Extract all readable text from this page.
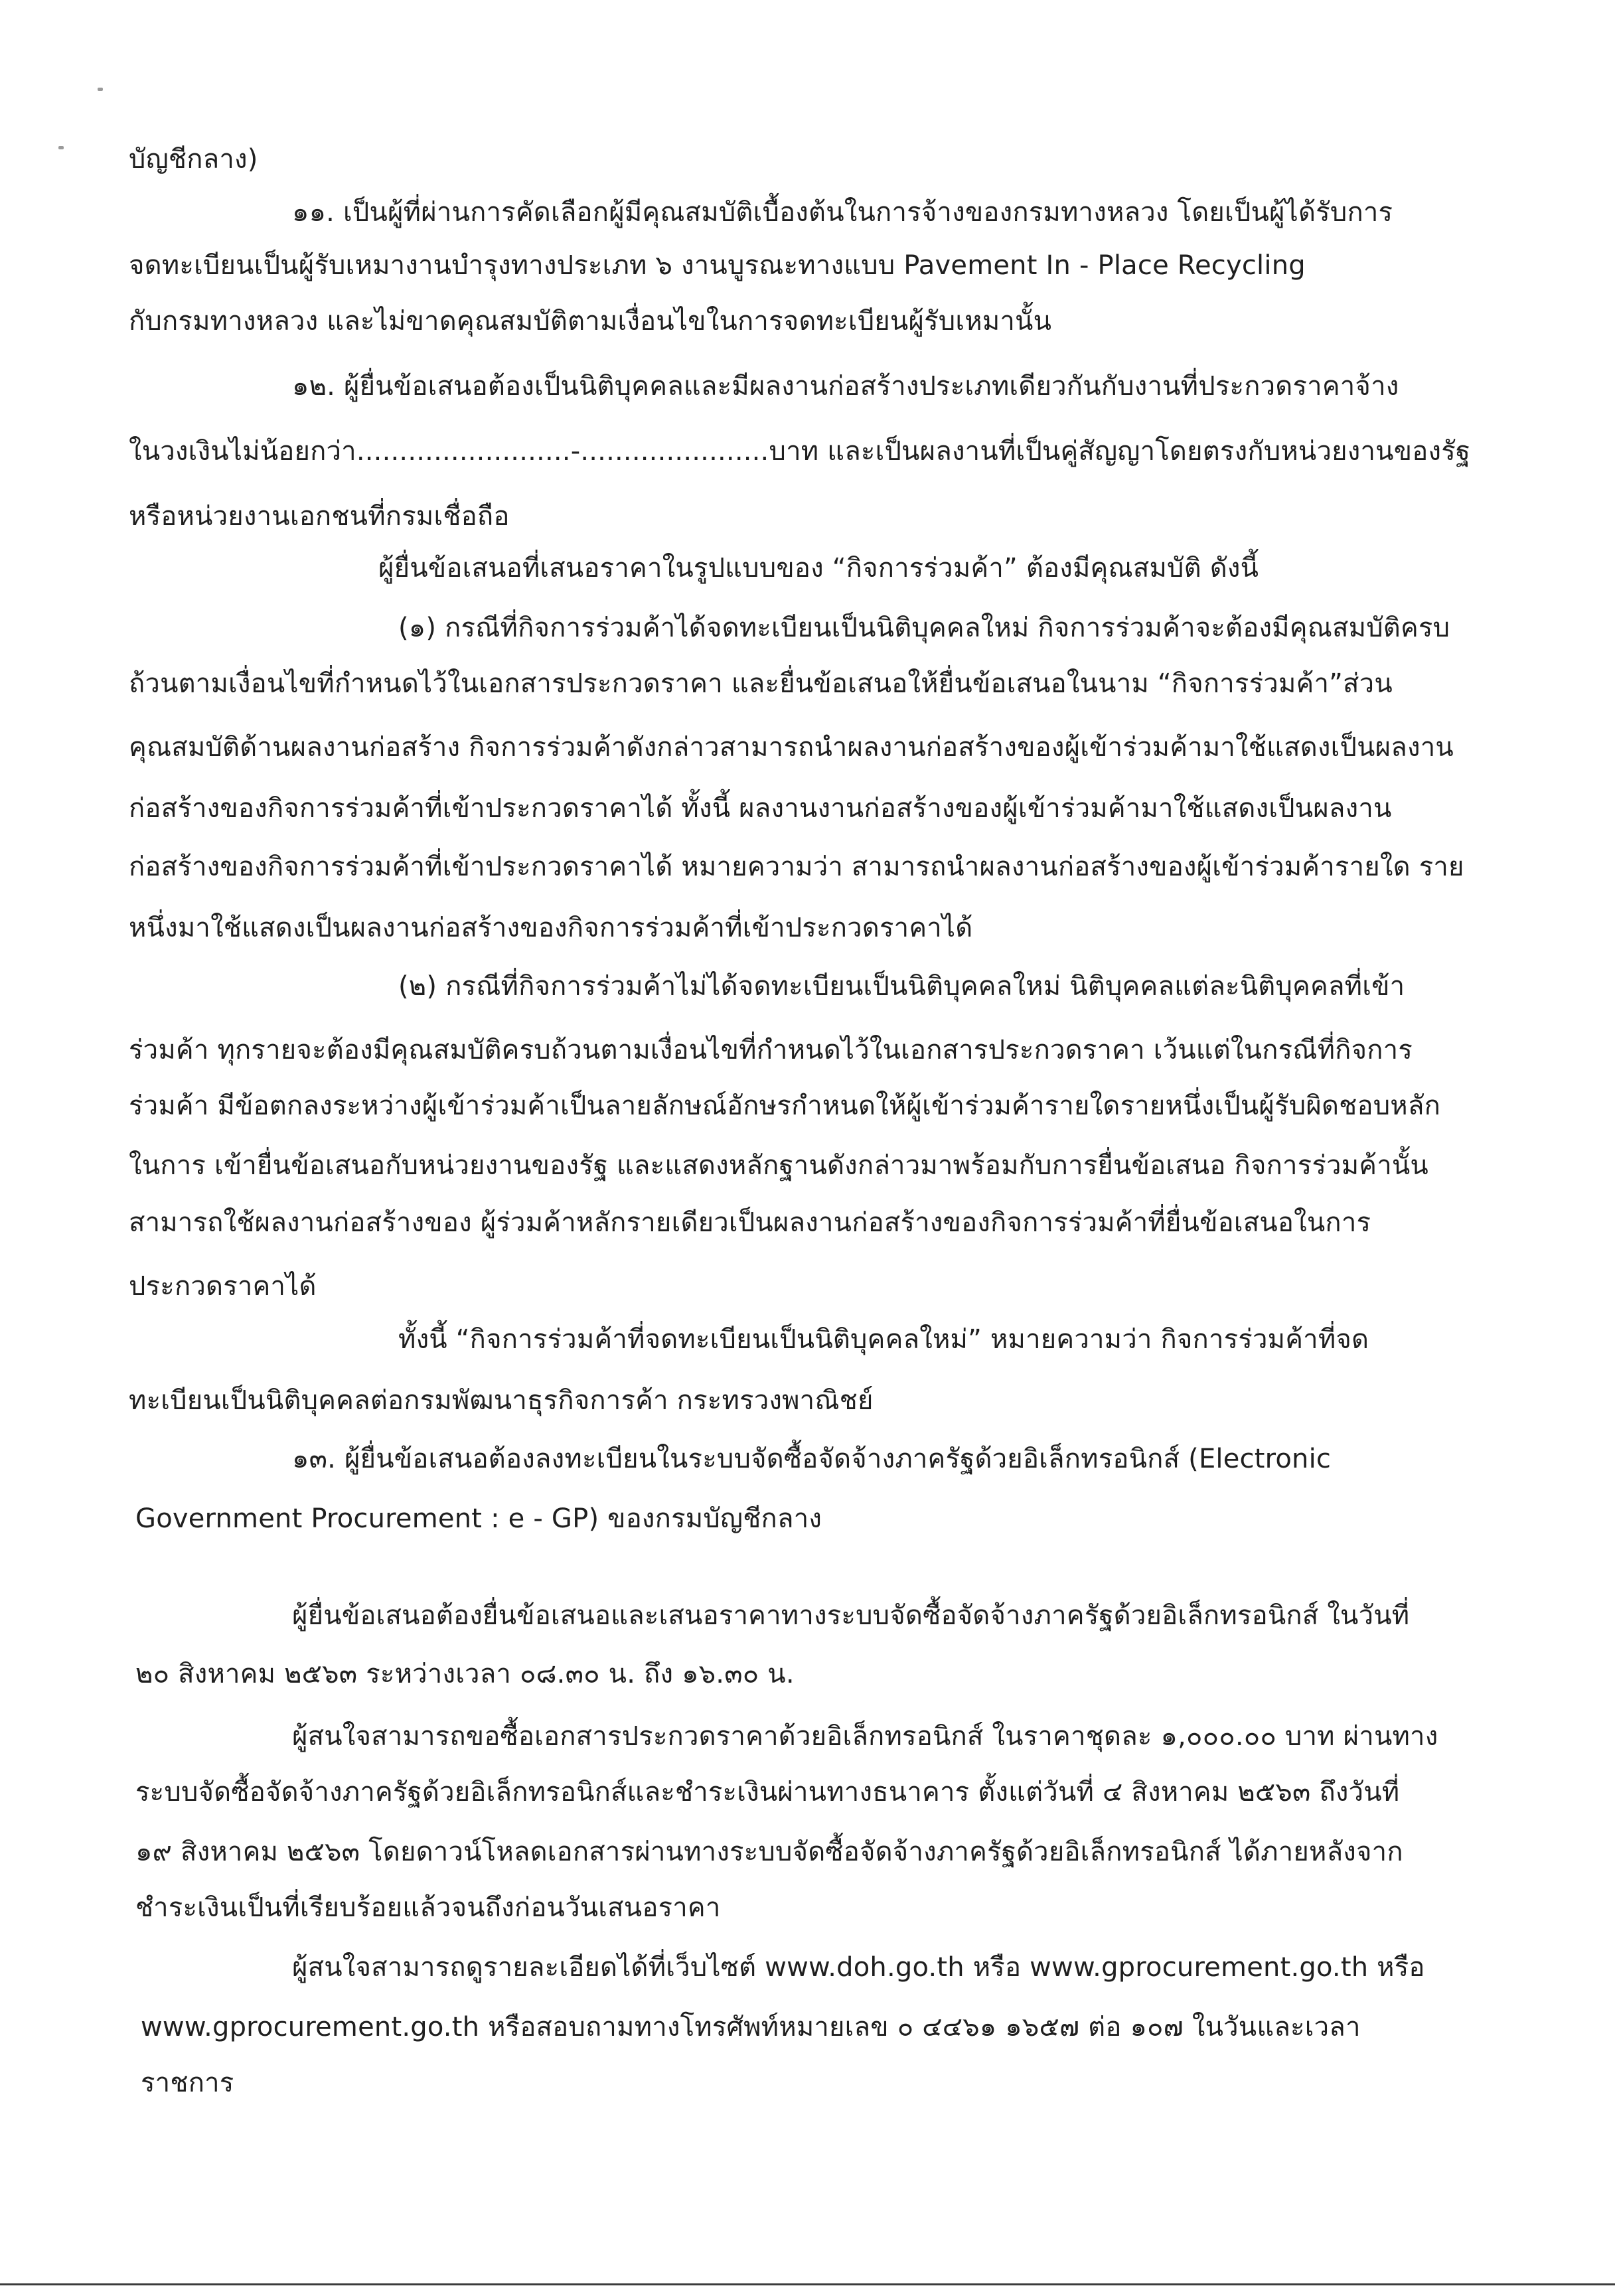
บัญชีกลาง)
๑๑. เป็นผู้ที่ผ่านการคัดเลือกผู้มีคุณสมบัติเบื้องต้นในการจ้างของกรมทางหลวง โดยเป็นผู้ได้รับการ
จดทะเบียนเป็นผู้รับเหมางานบำรุงทางประเภท ๖ งานบูรณะทางแบบ Pavement In - Place Recycling
กับกรมทางหลวง และไม่ขาดคุณสมบัติตามเงื่อนไขในการจดทะเบียนผู้รับเหมานั้น
๑๒. ผู้ยื่นข้อเสนอต้องเป็นนิติบุคคลและมีผลงานก่อสร้างประเภทเดียวกันกับงานที่ประกวดราคาจ้าง
ในวงเงินไม่น้อยกว่า.........................-......................บาท และเป็นผลงานที่เป็นคู่สัญญาโดยตรงกับหน่วยงานของรัฐ
หรือหน่วยงานเอกชนที่กรมเชื่อถือ
ผู้ยื่นข้อเสนอที่เสนอราคาในรูปแบบของ “กิจการร่วมค้า” ต้องมีคุณสมบัติ ดังนี้
(๑) กรณีที่กิจการร่วมค้าได้จดทะเบียนเป็นนิติบุคคลใหม่ กิจการร่วมค้าจะต้องมีคุณสมบัติครบ
ถ้วนตามเงื่อนไขที่กำหนดไว้ในเอกสารประกวดราคา และยื่นข้อเสนอให้ยื่นข้อเสนอในนาม “กิจการร่วมค้า”ส่วน
คุณสมบัติด้านผลงานก่อสร้าง กิจการร่วมค้าดังกล่าวสามารถนำผลงานก่อสร้างของผู้เข้าร่วมค้ามาใช้แสดงเป็นผลงาน
ก่อสร้างของกิจการร่วมค้าที่เข้าประกวดราคาได้ ทั้งนี้ ผลงานงานก่อสร้างของผู้เข้าร่วมค้ามาใช้แสดงเป็นผลงาน
ก่อสร้างของกิจการร่วมค้าที่เข้าประกวดราคาได้ หมายความว่า สามารถนำผลงานก่อสร้างของผู้เข้าร่วมค้ารายใด ราย
หนึ่งมาใช้แสดงเป็นผลงานก่อสร้างของกิจการร่วมค้าที่เข้าประกวดราคาได้
(๒) กรณีที่กิจการร่วมค้าไม่ได้จดทะเบียนเป็นนิติบุคคลใหม่ นิติบุคคลแต่ละนิติบุคคลที่เข้า
ร่วมค้า ทุกรายจะต้องมีคุณสมบัติครบถ้วนตามเงื่อนไขที่กำหนดไว้ในเอกสารประกวดราคา เว้นแต่ในกรณีที่กิจการ
ร่วมค้า มีข้อตกลงระหว่างผู้เข้าร่วมค้าเป็นลายลักษณ์อักษรกำหนดให้ผู้เข้าร่วมค้ารายใดรายหนึ่งเป็นผู้รับผิดชอบหลัก
ในการ เข้ายื่นข้อเสนอกับหน่วยงานของรัฐ และแสดงหลักฐานดังกล่าวมาพร้อมกับการยื่นข้อเสนอ กิจการร่วมค้านั้น
สามารถใช้ผลงานก่อสร้างของ ผู้ร่วมค้าหลักรายเดียวเป็นผลงานก่อสร้างของกิจการร่วมค้าที่ยื่นข้อเสนอในการ
ประกวดราคาได้
ทั้งนี้ “กิจการร่วมค้าที่จดทะเบียนเป็นนิติบุคคลใหม่” หมายความว่า กิจการร่วมค้าที่จด
ทะเบียนเป็นนิติบุคคลต่อกรมพัฒนาธุรกิจการค้า กระทรวงพาณิชย์
๑๓. ผู้ยื่นข้อเสนอต้องลงทะเบียนในระบบจัดซื้อจัดจ้างภาครัฐด้วยอิเล็กทรอนิกส์ (Electronic
Government Procurement : e - GP) ของกรมบัญชีกลาง
ผู้ยื่นข้อเสนอต้องยื่นข้อเสนอและเสนอราคาทางระบบจัดซื้อจัดจ้างภาครัฐด้วยอิเล็กทรอนิกส์ ในวันที่
๒๐ สิงหาคม ๒๕๖๓ ระหว่างเวลา ๐๘.๓๐ น. ถึง ๑๖.๓๐ น.
ผู้สนใจสามารถขอซื้อเอกสารประกวดราคาด้วยอิเล็กทรอนิกส์ ในราคาชุดละ ๑,๐๐๐.๐๐ บาท ผ่านทาง
ระบบจัดซื้อจัดจ้างภาครัฐด้วยอิเล็กทรอนิกส์และชำระเงินผ่านทางธนาคาร ตั้งแต่วันที่ ๔ สิงหาคม ๒๕๖๓ ถึงวันที่
๑๙ สิงหาคม ๒๕๖๓ โดยดาวน์โหลดเอกสารผ่านทางระบบจัดซื้อจัดจ้างภาครัฐด้วยอิเล็กทรอนิกส์ ได้ภายหลังจาก
ชำระเงินเป็นที่เรียบร้อยแล้วจนถึงก่อนวันเสนอราคา
ผู้สนใจสามารถดูรายละเอียดได้ที่เว็บไซต์ www.doh.go.th หรือ www.gprocurement.go.th หรือ
www.gprocurement.go.th หรือสอบถามทางโทรศัพท์หมายเลข ๐ ๔๔๖๑ ๑๖๕๗ ต่อ ๑๐๗ ในวันและเวลา
ราชการ
